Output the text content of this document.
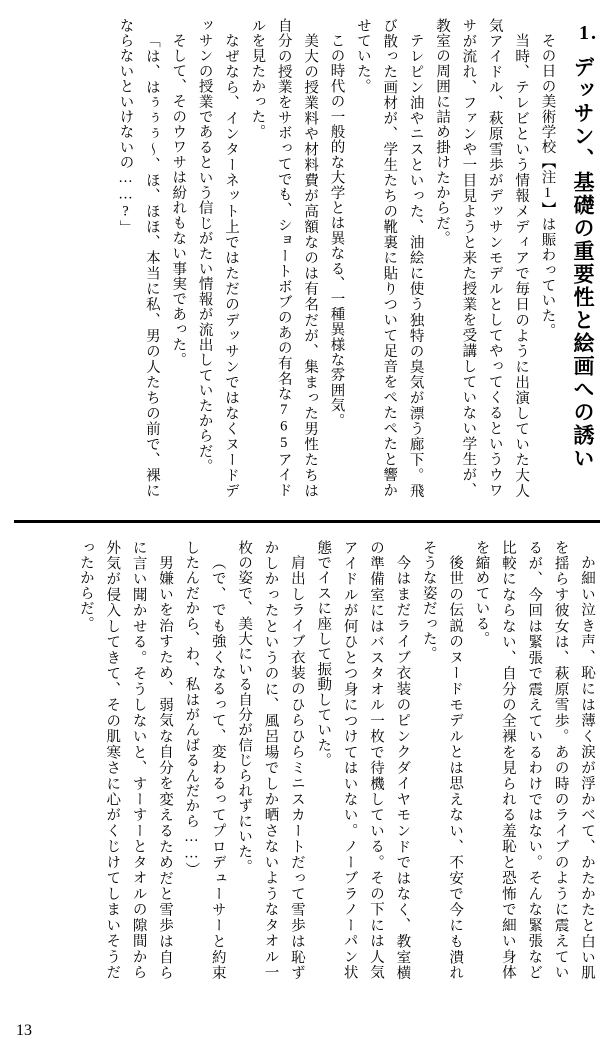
1.
デッサン、基礎の重要性と絵画への誘い

その日の美術学校【注1】は賑わっていた。

当時、テレビという情報メディアで毎日のように出演していた大人気アイドル、萩原雪歩がデッサンモデルとしてやってくるというウワサが流れ、ファンや一目見ようと来た授業を受講していない学生が、教室の周囲に詰め掛けたからだ。

テレピン油やニスといった、油絵に使う独特の臭気が漂う廊下。飛び散った画材が、学生たちの靴裏に貼りついて足音をぺたぺたと響かせていた。

この時代の一般的な大学とは異なる、一種異様な雰囲気。

美大の授業料や材料費が高額なのは有名だが、集まった男性たちは自分の授業をサボってでも、ショートボブのあの有名な765アイドルを見たかった。

なぜなら、インターネット上ではただのデッサンではなくヌードデッサンの授業であるという信じがたい情報が流出していたからだ。

そして、そのウワサは紛れもない事実であった。

「は、はぅぅぅ～、ほ、ほほ、本当に私、男の人たちの前で、裸にならないといけないの……?」

か細い泣き声、恥には薄く涙が浮かべて、かたかたと白い肌を揺らす彼女は、萩原雪歩。あの時のライブのように震えているが、今回は緊張で震えているわけではない。そんな緊張など比較にならない、自分の全裸を見られる羞恥と恐怖で細い身体を縮めている。

後世の伝説のヌードモデルとは思えない、不安で今にも潰れそうな姿だった。

今はまだライブ衣装のピンクダイヤモンドではなく、教室横の準備室にはバスタオル一枚で待機している。その下には人気アイドルが何ひとつ身につけてはいない。ノーブラノーパン状態でイスに座して振動していた。

肩出しライブ衣装のひらひらミニスカートだって雪歩は恥ずかしかったというのに、風呂場でしか晒さないようなタオル一枚の姿で、美大にいる自分が信じられずにいた。

（で、でも強くなるって、変わるってプロデューサーと約束したんだから、わ、私はがんばるんだから……）

男嫌いを治すため、弱気な自分を変えるためだと雪歩は自らに言い聞かせる。そうしないと、すーすーとタオルの隙間から外気が侵入してきて、その肌寒さに心がくじけてしまいそうだったからだ。

13
